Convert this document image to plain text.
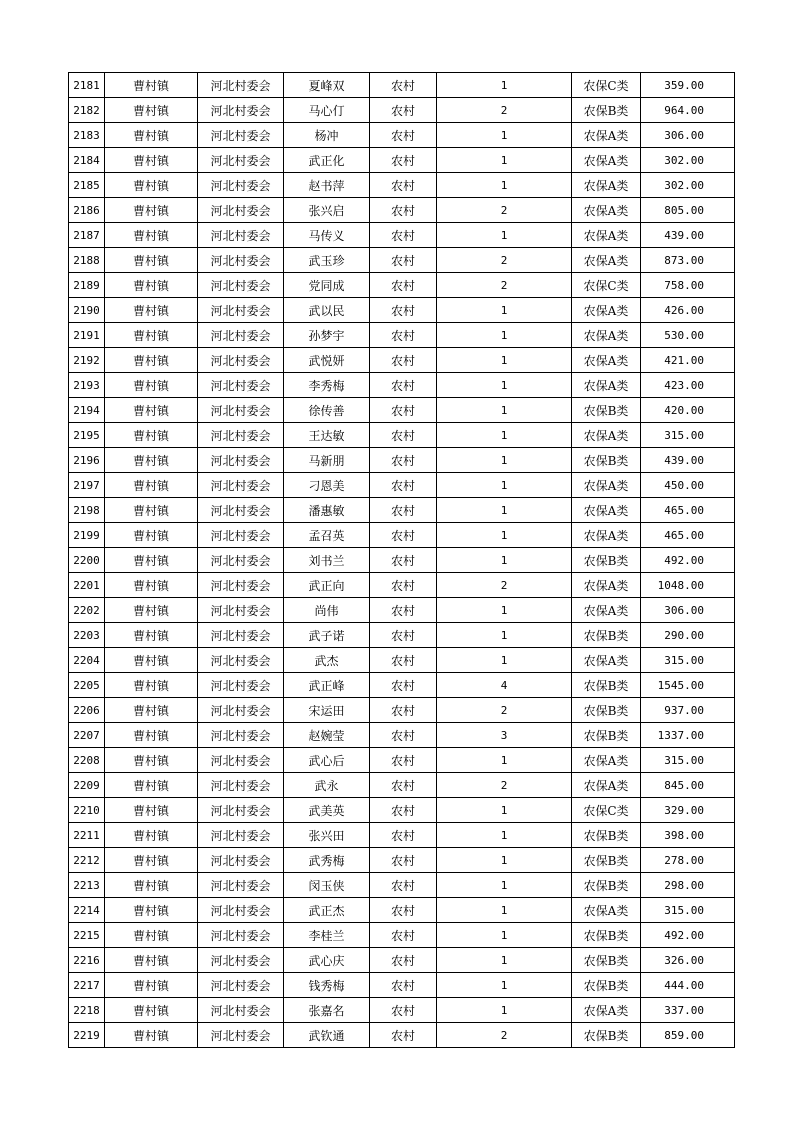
2181	曹村镇	河北村委会	夏峰双	农村	1	农保C类	359.00
2182	曹村镇	河北村委会	马心仃	农村	2	农保B类	964.00
2183	曹村镇	河北村委会	杨冲	农村	1	农保A类	306.00
2184	曹村镇	河北村委会	武正化	农村	1	农保A类	302.00
2185	曹村镇	河北村委会	赵书萍	农村	1	农保A类	302.00
2186	曹村镇	河北村委会	张兴启	农村	2	农保A类	805.00
2187	曹村镇	河北村委会	马传义	农村	1	农保A类	439.00
2188	曹村镇	河北村委会	武玉珍	农村	2	农保A类	873.00
2189	曹村镇	河北村委会	党同成	农村	2	农保C类	758.00
2190	曹村镇	河北村委会	武以民	农村	1	农保A类	426.00
2191	曹村镇	河北村委会	孙梦宇	农村	1	农保A类	530.00
2192	曹村镇	河北村委会	武悦妍	农村	1	农保A类	421.00
2193	曹村镇	河北村委会	李秀梅	农村	1	农保A类	423.00
2194	曹村镇	河北村委会	徐传善	农村	1	农保B类	420.00
2195	曹村镇	河北村委会	王达敏	农村	1	农保A类	315.00
2196	曹村镇	河北村委会	马新朋	农村	1	农保B类	439.00
2197	曹村镇	河北村委会	刁恩美	农村	1	农保A类	450.00
2198	曹村镇	河北村委会	潘惠敏	农村	1	农保A类	465.00
2199	曹村镇	河北村委会	孟召英	农村	1	农保A类	465.00
2200	曹村镇	河北村委会	刘书兰	农村	1	农保B类	492.00
2201	曹村镇	河北村委会	武正向	农村	2	农保A类	1048.00
2202	曹村镇	河北村委会	尚伟	农村	1	农保A类	306.00
2203	曹村镇	河北村委会	武子诺	农村	1	农保B类	290.00
2204	曹村镇	河北村委会	武杰	农村	1	农保A类	315.00
2205	曹村镇	河北村委会	武正峰	农村	4	农保B类	1545.00
2206	曹村镇	河北村委会	宋运田	农村	2	农保B类	937.00
2207	曹村镇	河北村委会	赵婉莹	农村	3	农保B类	1337.00
2208	曹村镇	河北村委会	武心后	农村	1	农保A类	315.00
2209	曹村镇	河北村委会	武永	农村	2	农保A类	845.00
2210	曹村镇	河北村委会	武美英	农村	1	农保C类	329.00
2211	曹村镇	河北村委会	张兴田	农村	1	农保B类	398.00
2212	曹村镇	河北村委会	武秀梅	农村	1	农保B类	278.00
2213	曹村镇	河北村委会	闵玉侠	农村	1	农保B类	298.00
2214	曹村镇	河北村委会	武正杰	农村	1	农保A类	315.00
2215	曹村镇	河北村委会	李桂兰	农村	1	农保B类	492.00
2216	曹村镇	河北村委会	武心庆	农村	1	农保B类	326.00
2217	曹村镇	河北村委会	钱秀梅	农村	1	农保B类	444.00
2218	曹村镇	河北村委会	张嘉名	农村	1	农保A类	337.00
2219	曹村镇	河北村委会	武钦通	农村	2	农保B类	859.00
